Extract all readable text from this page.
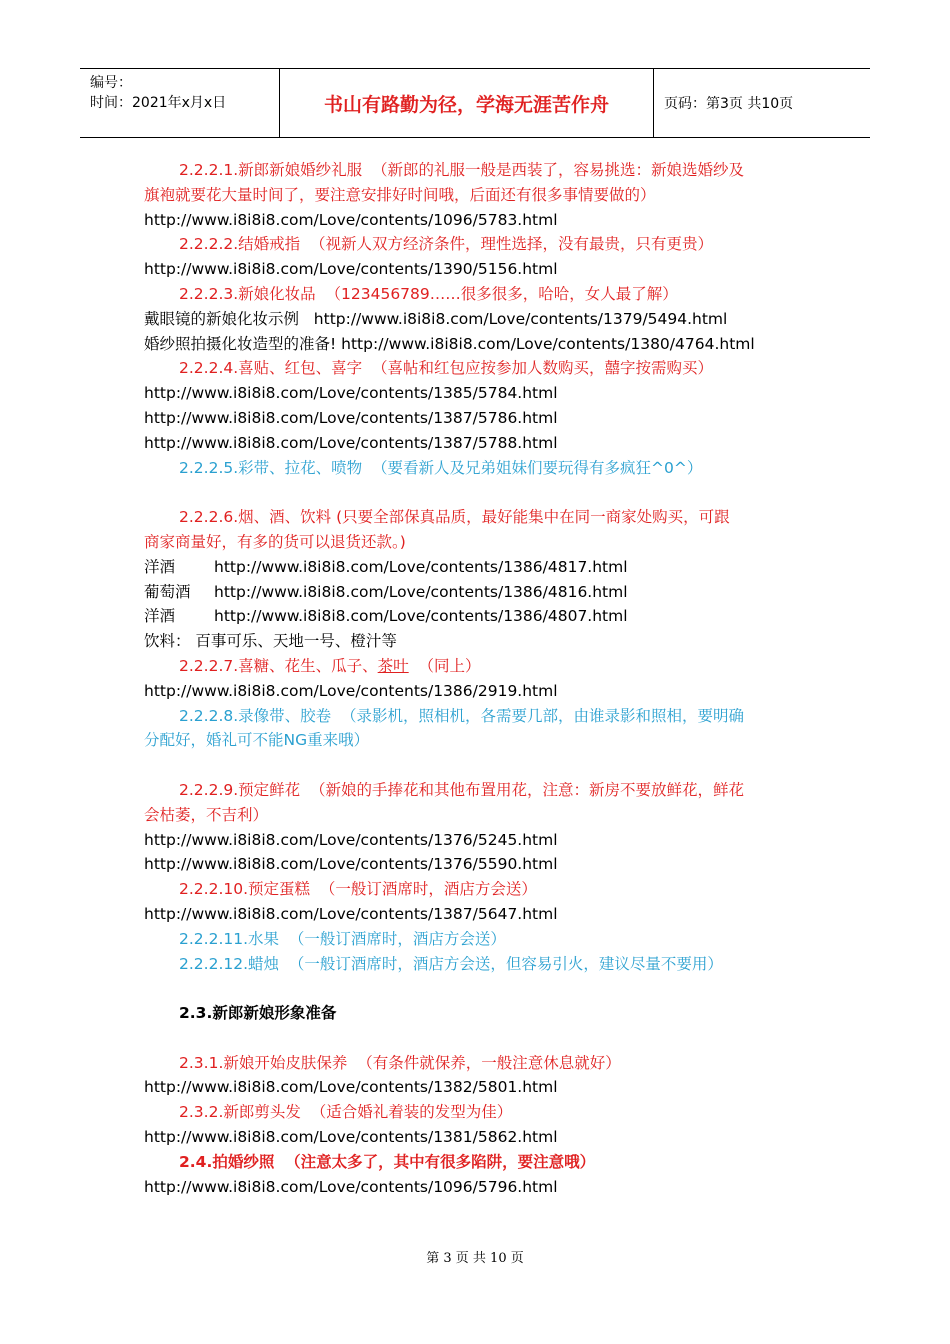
编号：
时间：2021年x月x日	书山有路勤为径，学海无涯苦作舟	页码：第3页 共10页
2.2.2.1.新郎新娘婚纱礼服 （新郎的礼服一般是西装了，容易挑选：新娘选婚纱及
旗袍就要花大量时间了，要注意安排好时间哦，后面还有很多事情要做的）
http://www.i8i8i8.com/Love/contents/1096/5783.html
2.2.2.2.结婚戒指 （视新人双方经济条件，理性选择，没有最贵，只有更贵）
http://www.i8i8i8.com/Love/contents/1390/5156.html
2.2.2.3.新娘化妆品 （123456789……很多很多，哈哈，女人最了解）
戴眼镜的新娘化妆示例 http://www.i8i8i8.com/Love/contents/1379/5494.html
婚纱照拍摄化妆造型的准备! http://www.i8i8i8.com/Love/contents/1380/4764.html
2.2.2.4.喜贴、红包、喜字 （喜帖和红包应按参加人数购买，囍字按需购买）
http://www.i8i8i8.com/Love/contents/1385/5784.html
http://www.i8i8i8.com/Love/contents/1387/5786.html
http://www.i8i8i8.com/Love/contents/1387/5788.html
2.2.2.5.彩带、拉花、喷物 （要看新人及兄弟姐妹们要玩得有多疯狂^0^）
2.2.2.6.烟、酒、饮料 (只要全部保真品质，最好能集中在同一商家处购买，可跟
商家商量好，有多的货可以退货还款。)
洋酒	http://www.i8i8i8.com/Love/contents/1386/4817.html
葡萄酒 http://www.i8i8i8.com/Love/contents/1386/4816.html
洋酒	http://www.i8i8i8.com/Love/contents/1386/4807.html
饮料： 百事可乐、天地一号、橙汁等
2.2.2.7.喜糖、花生、瓜子、茶叶 （同上）
http://www.i8i8i8.com/Love/contents/1386/2919.html
2.2.2.8.录像带、胶卷 （录影机，照相机，各需要几部，由谁录影和照相，要明确
分配好，婚礼可不能NG重来哦）
2.2.2.9.预定鲜花 （新娘的手捧花和其他布置用花，注意：新房不要放鲜花，鲜花
会枯萎，不吉利）
http://www.i8i8i8.com/Love/contents/1376/5245.html
http://www.i8i8i8.com/Love/contents/1376/5590.html
2.2.2.10.预定蛋糕 （一般订酒席时，酒店方会送）
http://www.i8i8i8.com/Love/contents/1387/5647.html
2.2.2.11.水果 （一般订酒席时，酒店方会送）
2.2.2.12.蜡烛 （一般订酒席时，酒店方会送，但容易引火，建议尽量不要用）
2.3.新郎新娘形象准备
2.3.1.新娘开始皮肤保养 （有条件就保养，一般注意休息就好）
http://www.i8i8i8.com/Love/contents/1382/5801.html
2.3.2.新郎剪头发 （适合婚礼着装的发型为佳）
http://www.i8i8i8.com/Love/contents/1381/5862.html
2.4.拍婚纱照 （注意太多了，其中有很多陷阱，要注意哦）
http://www.i8i8i8.com/Love/contents/1096/5796.html
第 3 页 共 10 页
